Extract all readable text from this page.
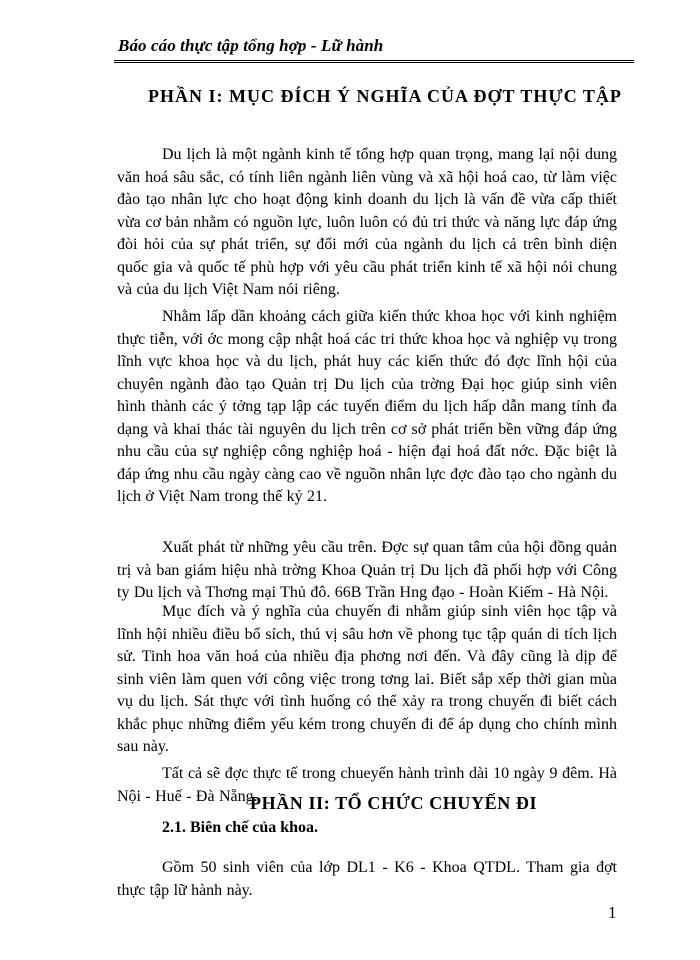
Báo cáo thực tập tổng hợp - Lữ hành
PHẦN I: MỤC ĐÍCH Ý NGHĨA CỦA ĐỢT THỰC TẬP

Du lịch là một ngành kinh tế tổng hợp quan trọng, mang lại nội dung văn hoá sâu sắc, có tính liên ngành liên vùng và xã hội hoá cao, từ làm việc đào tạo nhân lực cho hoạt động kinh doanh du lịch là vấn đề vừa cấp thiết vừa cơ bản nhằm có nguồn lực, luôn luôn có đủ tri thức và năng lực đáp ứng đòi hỏi của sự phát triển, sự đổi mới của ngành du lịch cả trên bình diện quốc gia và quốc tế phù hợp với yêu cầu phát triển kinh tế xã hội nói chung và của du lịch Việt Nam nói riêng.

Nhằm lấp dần khoảng cách giữa kiến thức khoa học với kinh nghiệm thực tiễn, với ớc mong cập nhật hoá các tri thức khoa học và nghiệp vụ trong lĩnh vực khoa học và du lịch, phát huy các kiến thức đó đợc lĩnh hội của chuyên ngành đào tạo Quản trị Du lịch của trờng Đại học giúp sinh viên hình thành các ý tởng tạp lập các tuyến điểm du lịch hấp dẫn mang tính đa dạng và khai thác tài nguyên du lịch trên cơ sở phát triển bền vững đáp ứng nhu cầu của sự nghiệp công nghiệp hoá - hiện đại hoá đất nớc. Đặc biệt là đáp ứng nhu cầu ngày càng cao về nguồn nhân lực đợc đào tạo cho ngành du lịch ở Việt Nam trong thế kỷ 21.

Xuất phát từ những yêu cầu trên. Đợc sự quan tâm của hội đồng quản trị và ban giám hiệu nhà trờng Khoa Quản trị Du lịch đã phối hợp với Công ty Du lịch và Thơng mại Thủ đô. 66B Trần Hng đạo - Hoàn Kiếm - Hà Nội.

Mục đích và ý nghĩa của chuyến đi nhằm giúp sinh viên học tập và lĩnh hội nhiều điều bổ sích, thú vị sâu hơn về phong tục tập quán di tích lịch sử. Tinh hoa văn hoá của nhiều địa phơng nơi đến. Và đây cũng là dịp để sinh viên làm quen với công việc trong tơng lai. Biết sắp xếp thời gian mùa vụ du lịch. Sát thực với tình huống có thể xảy ra trong chuyến đi biết cách khắc phục những điểm yếu kém trong chuyến đi để áp dụng cho chính mình sau này.

Tất cả sẽ đợc thực tế trong chueyến hành trình dài 10 ngày 9 đêm. Hà Nội - Huế - Đà Nẵng.

PHẦN II: TỔ CHỨC CHUYẾN ĐI
2.1. Biên chế của khoa.

Gồm 50 sinh viên của lớp DL1 - K6 - Khoa QTDL. Tham gia đợt thực tập lữ hành này.

1
